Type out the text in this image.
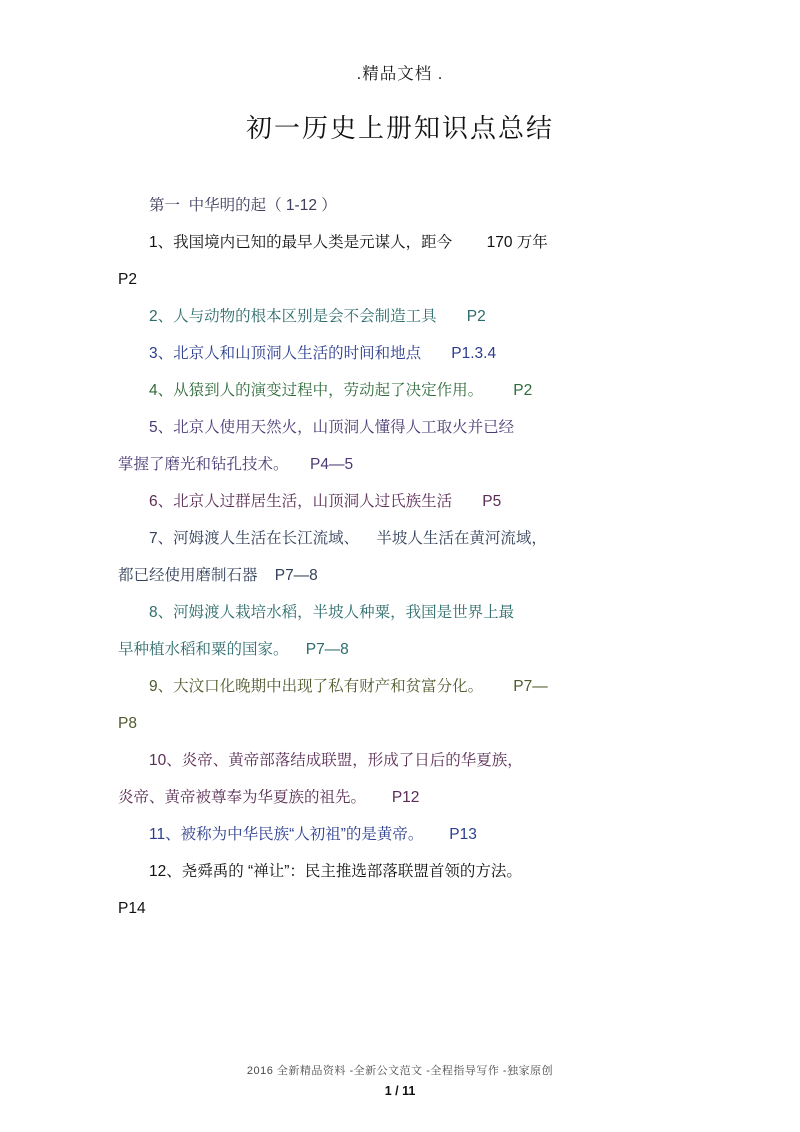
.精品文档 .
初一历史上册知识点总结

第一  中华明的起（ 1-12 ）

1、我国境内已知的最早人类是元谋人，距今        170 万年

P2

2、人与动物的根本区别是会不会制造工具       P2

3、北京人和山顶洞人生活的时间和地点       P1.3.4

4、从猿到人的演变过程中，劳动起了决定作用。       P2

5、北京人使用天然火，山顶洞人懂得人工取火并已经

掌握了磨光和钻孔技术。     P4—5

6、北京人过群居生活，山顶洞人过氏族生活       P5

7、河姆渡人生活在长江流域、    半坡人生活在黄河流域，

都已经使用磨制石器    P7—8

8、河姆渡人栽培水稻，半坡人种粟，我国是世界上最

早种植水稻和粟的国家。    P7—8

9、大汶口化晚期中出现了私有财产和贫富分化。       P7—

P8

10、炎帝、黄帝部落结成联盟，形成了日后的华夏族，

炎帝、黄帝被尊奉为华夏族的祖先。      P12

11、被称为中华民族“人初祖”的是黄帝。      P13

12、尧舜禹的 “禅让”：民主推选部落联盟首领的方法。

P14

2016 全新精品资料 -全新公文范文 -全程指导写作 -独家原创
1 / 11
